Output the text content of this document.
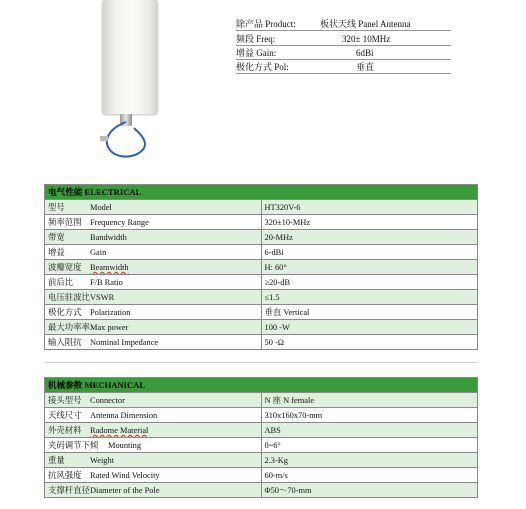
除产品 Product:	板状天线 Panel Antenna
频段 Freq:	320± 10MHz
增益 Gain:	6dBi
极化方式 Pol:	垂直
电气性能 ELECTRICAL	
型号 Model	HT320V-6
频率范围 Frequency Range	320±10-MHz
带宽 Bandwidth	20-MHz
增益 Gain	6-dBi
波瓣宽度 Beamwidth	H: 60°
前后比 F/B Ratio	≥20-dB
电压驻波比VSWR	≤1.5
极化方式 Polarization	垂直 Vertical
最大功率率Max power	100 -W
输入阻抗 Nominal Impedance	50 -Ω
机械参数 MECHANICAL	
接头型号 Connector	N 座 N female
天线尺寸 Antenna Dimension	310x160x70-mm
外壳材料 Radome Material	ABS
夹码调节下倾 Mounting	0~6°
重量 Weight	2.3-Kg
抗风强度 Rated Wind Velocity	60-m/s
支撑杆直径Diameter of the Pole	Φ50～70-mm
